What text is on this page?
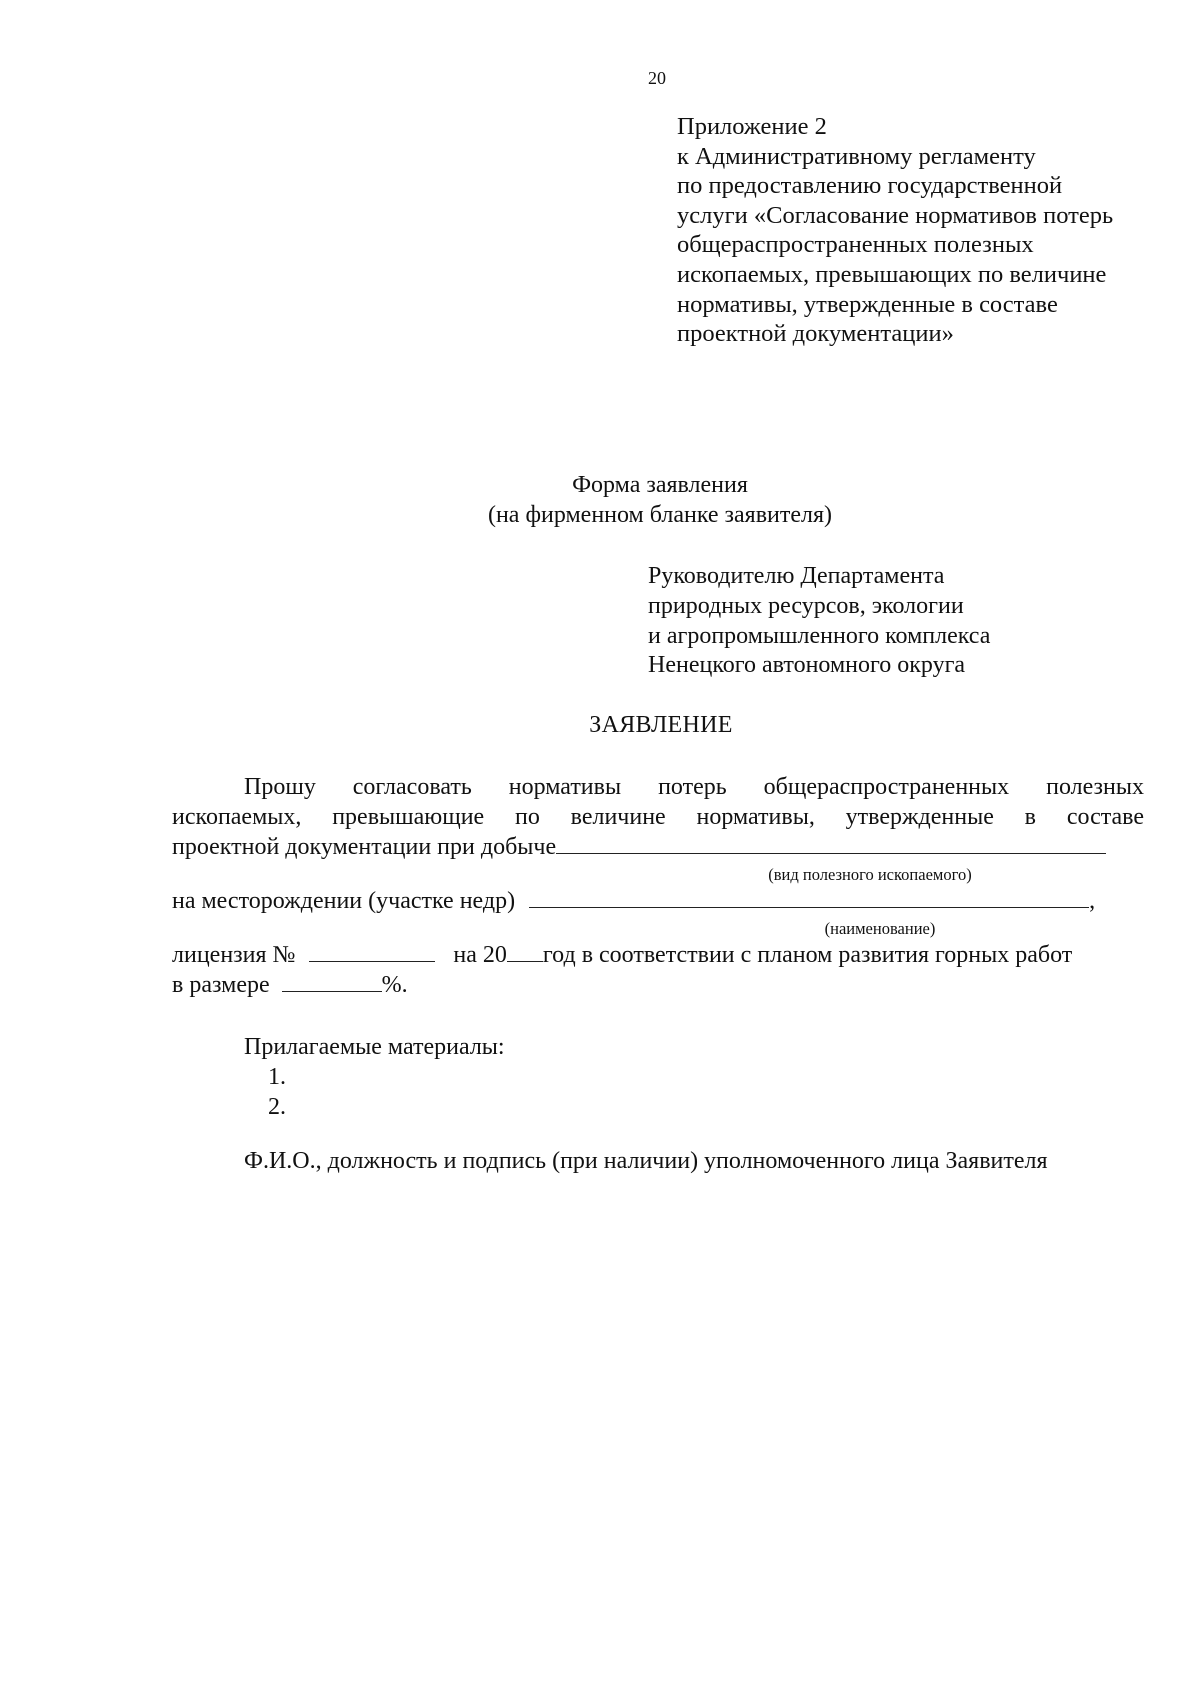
20
Приложение 2
к Административному регламенту
по предоставлению государственной
услуги «Согласование нормативов потерь
общераспространенных полезных
ископаемых, превышающих по величине
нормативы, утвержденные в составе
проектной документации»
Форма заявления
(на фирменном бланке заявителя)
Руководителю Департамента
природных ресурсов, экологии
и агропромышленного комплекса
Ненецкого автономного округа
ЗАЯВЛЕНИЕ
Прошу согласовать нормативы потерь общераспространенных полезных
ископаемых, превышающие по величине нормативы, утвержденные в составе
проектной документации при добыче
(вид полезного ископаемого)
на месторождении (участке недр)	,
(наименование)
лицензия №	на 20 год в соответствии с планом развития горных работ
в размере	%.
Прилагаемые материалы:
1.
2.
Ф.И.О., должность и подпись (при наличии) уполномоченного лица Заявителя
